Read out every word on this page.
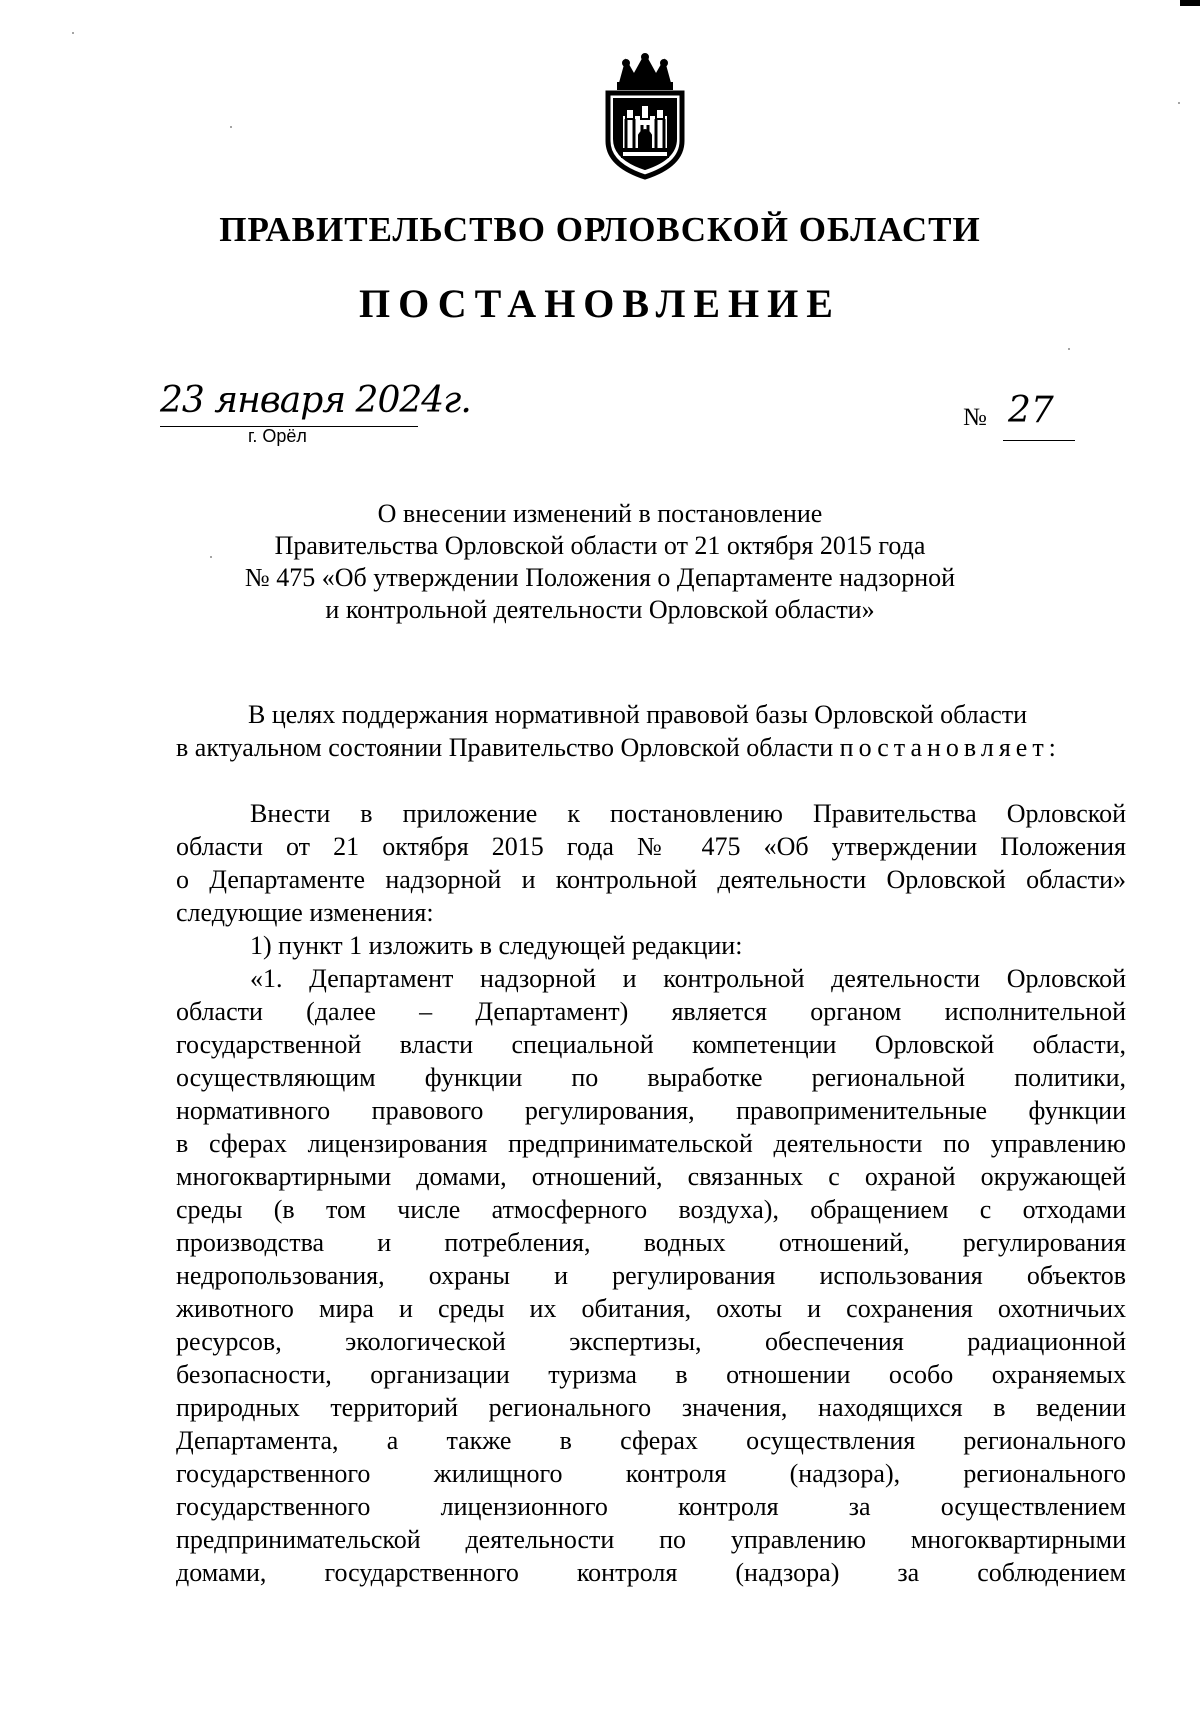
ПРАВИТЕЛЬСТВО ОРЛОВСКОЙ ОБЛАСТИ
ПОСТАНОВЛЕНИЕ
23 января 2024г.
г. Орёл
№ 27
О внесении изменений в постановление
Правительства Орловской области от 21 октября 2015 года
№ 475 «Об утверждении Положения о Департаменте надзорной
и контрольной деятельности Орловской области»
В целях поддержания нормативной правовой базы Орловской области
в актуальном состоянии Правительство Орловской области постановляет:
Внести в приложение к постановлению Правительства Орловской
области от 21 октября 2015 года № 475 «Об утверждении Положения
о Департаменте надзорной и контрольной деятельности Орловской области»
следующие изменения:
1) пункт 1 изложить в следующей редакции:
«1. Департамент надзорной и контрольной деятельности Орловской
области (далее – Департамент) является органом исполнительной
государственной власти специальной компетенции Орловской области,
осуществляющим функции по выработке региональной политики,
нормативного правового регулирования, правоприменительные функции
в сферах лицензирования предпринимательской деятельности по управлению
многоквартирными домами, отношений, связанных с охраной окружающей
среды (в том числе атмосферного воздуха), обращением с отходами
производства и потребления, водных отношений, регулирования
недропользования, охраны и регулирования использования объектов
животного мира и среды их обитания, охоты и сохранения охотничьих
ресурсов, экологической экспертизы, обеспечения радиационной
безопасности, организации туризма в отношении особо охраняемых
природных территорий регионального значения, находящихся в ведении
Департамента, а также в сферах осуществления регионального
государственного жилищного контроля (надзора), регионального
государственного лицензионного контроля за осуществлением
предпринимательской деятельности по управлению многоквартирными
домами, государственного контроля (надзора) за соблюдением
